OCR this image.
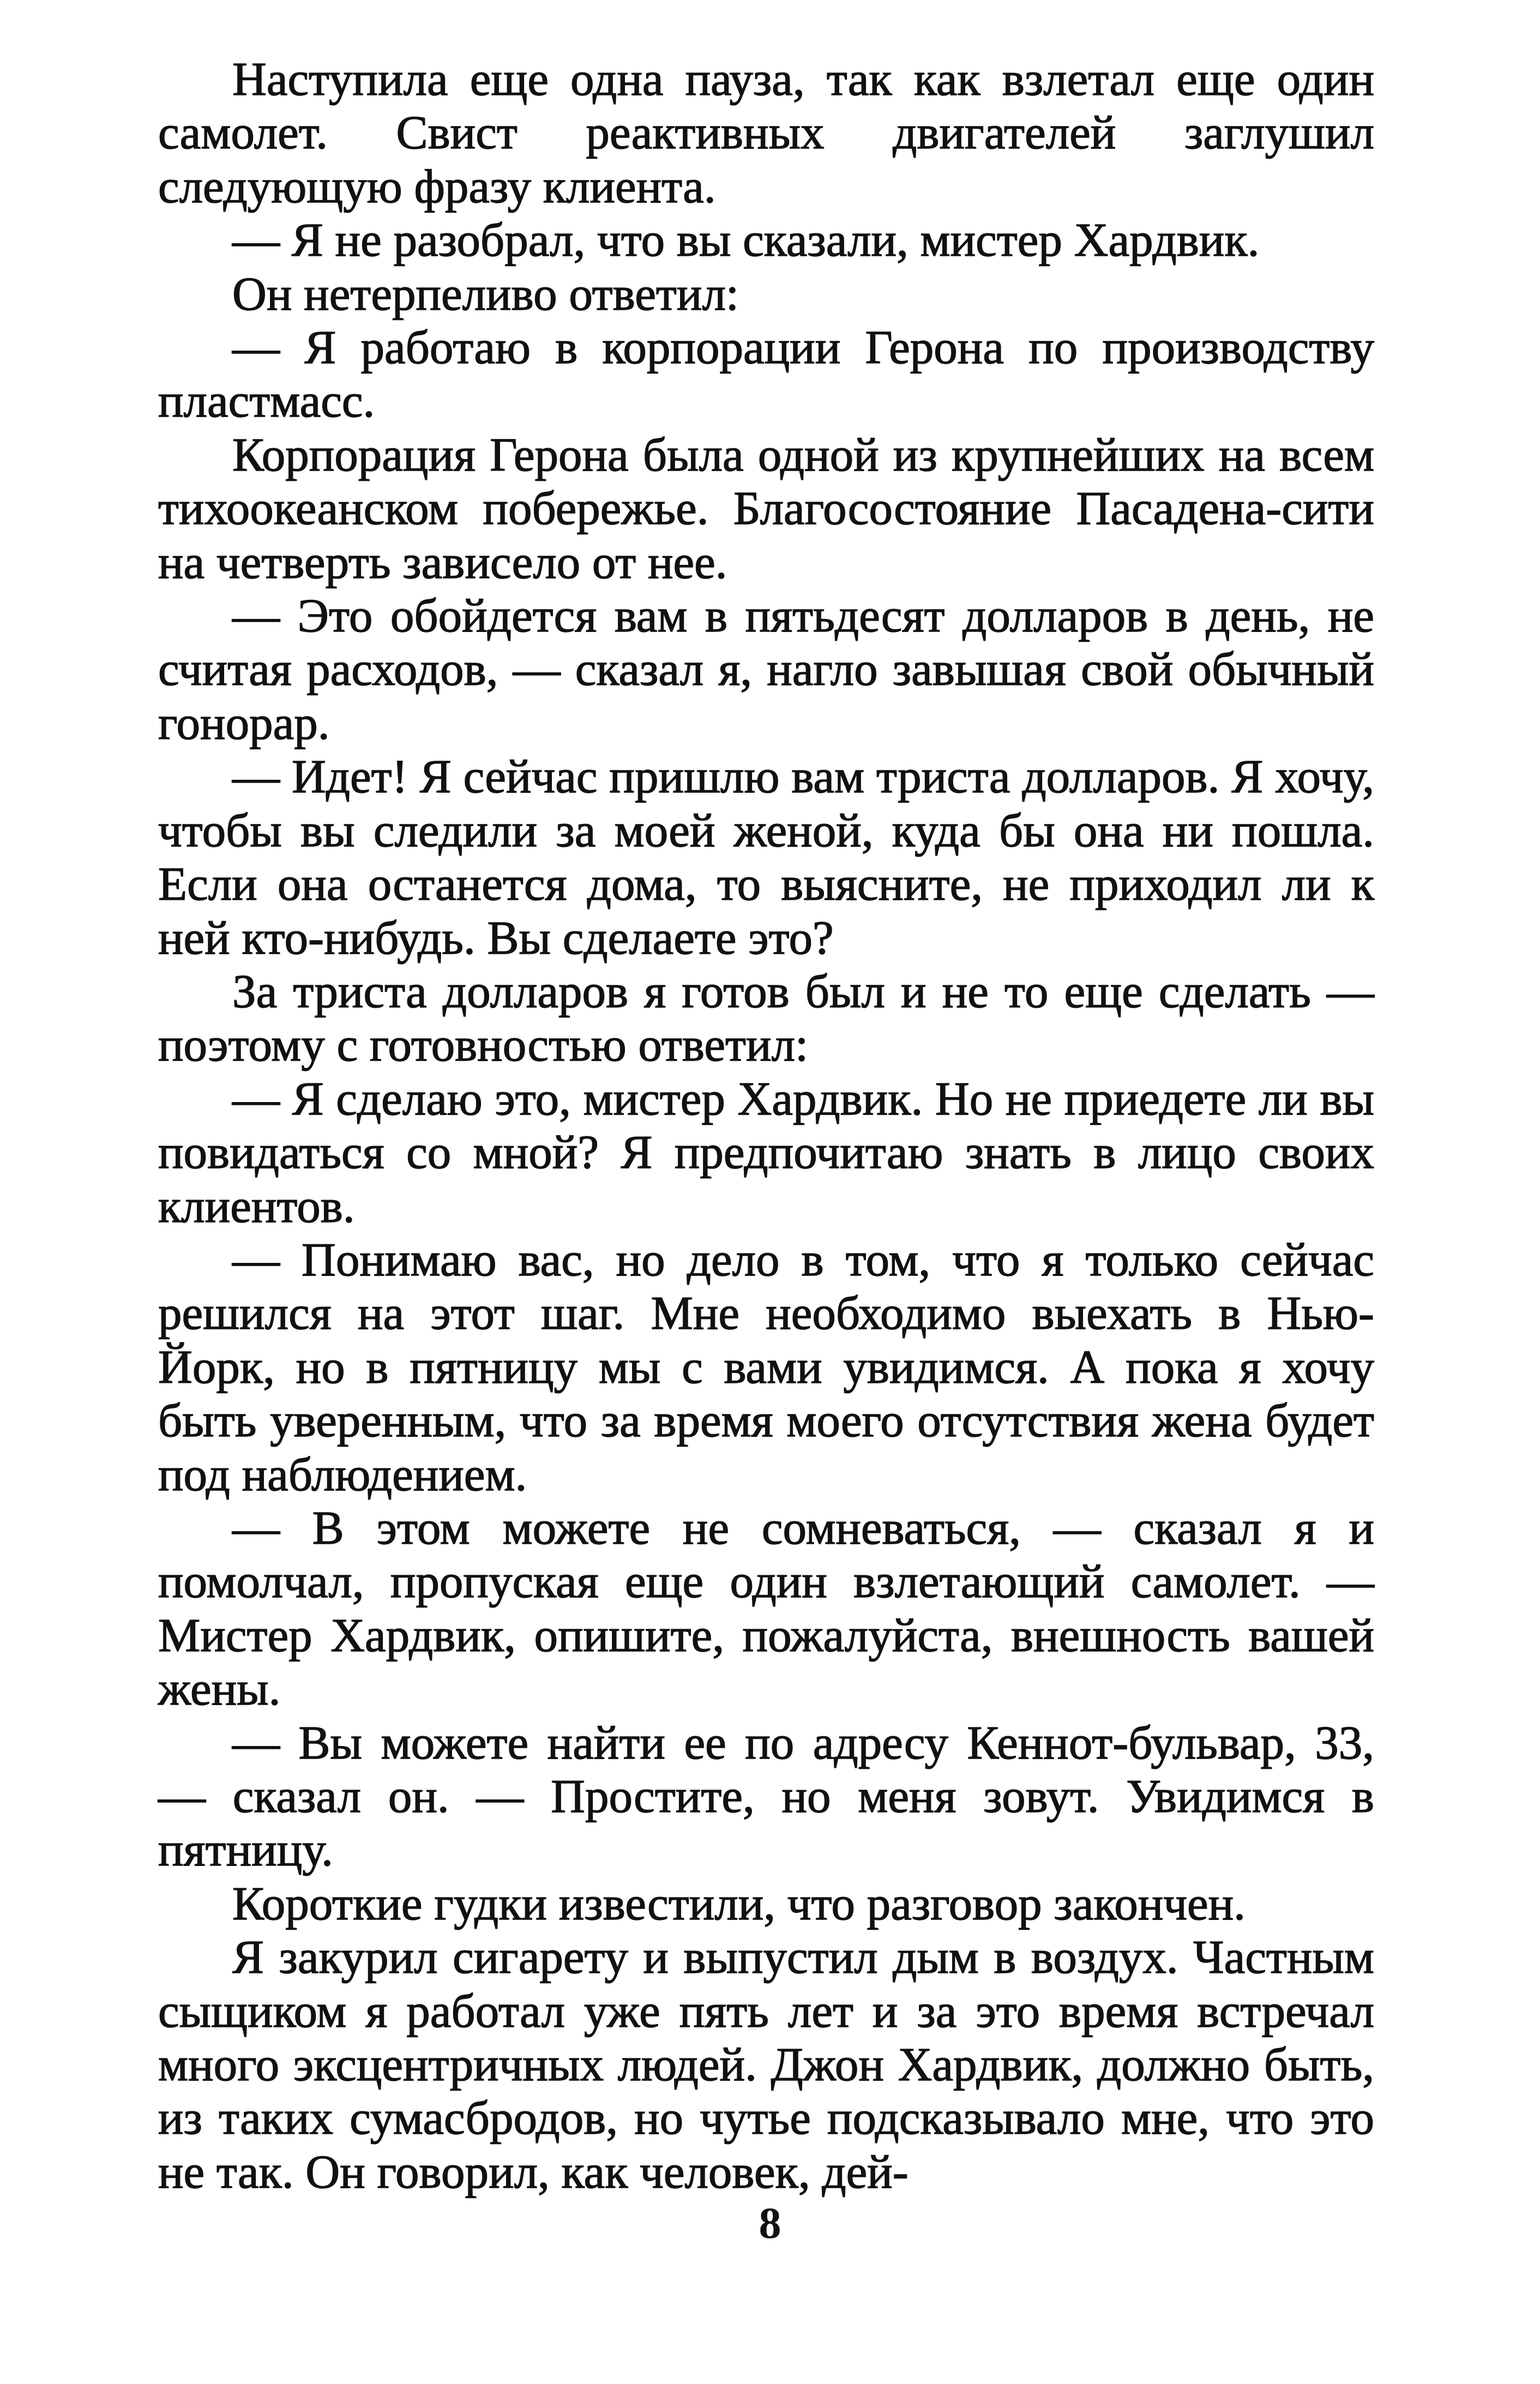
Наступила еще одна пауза, так как взлетал еще один самолет. Свист реактивных двигателей заглушил следующую фразу клиента.

— Я не разобрал, что вы сказали, мистер Хардвик.

Он нетерпеливо ответил:

— Я работаю в корпорации Герона по производству пластмасс.

Корпорация Герона была одной из крупнейших на всем тихоокеанском побережье. Благосостояние Пасадена-сити на четверть зависело от нее.

— Это обойдется вам в пятьдесят долларов в день, не считая расходов, — сказал я, нагло завышая свой обычный гонорар.

— Идет! Я сейчас пришлю вам триста долларов. Я хочу, чтобы вы следили за моей женой, куда бы она ни пошла. Если она останется дома, то выясните, не приходил ли к ней кто-нибудь. Вы сделаете это?

За триста долларов я готов был и не то еще сделать — поэтому с готовностью ответил:

— Я сделаю это, мистер Хардвик. Но не приедете ли вы повидаться со мной? Я предпочитаю знать в лицо своих клиентов.

— Понимаю вас, но дело в том, что я только сейчас решился на этот шаг. Мне необходимо выехать в Нью-Йорк, но в пятницу мы с вами увидимся. А пока я хочу быть уверенным, что за время моего отсутствия жена будет под наблюдением.

— В этом можете не сомневаться, — сказал я и помолчал, пропуская еще один взлетающий самолет. — Мистер Хардвик, опишите, пожалуйста, внешность вашей жены.

— Вы можете найти ее по адресу Кеннот-бульвар, 33, — сказал он. — Простите, но меня зовут. Увидимся в пятницу.

Короткие гудки известили, что разговор закончен.

Я закурил сигарету и выпустил дым в воздух. Частным сыщиком я работал уже пять лет и за это время встречал много эксцентричных людей. Джон Хардвик, должно быть, из таких сумасбродов, но чутье подсказывало мне, что это не так. Он говорил, как человек, дей-

8
